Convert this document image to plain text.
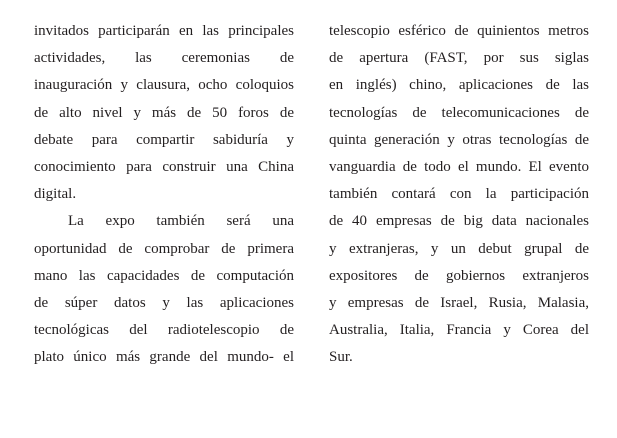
invitados participarán en las principales
actividades, las ceremonias de
inauguración y clausura, ocho coloquios
de alto nivel y más de 50 foros de
debate para compartir sabiduría y
conocimiento para construir una China
digital.
La expo también será una
oportunidad de comprobar de primera
mano las capacidades de computación
de súper datos y las aplicaciones
tecnológicas del radiotelescopio de
plato único más grande del mundo- el
telescopio esférico de quinientos metros
de apertura (FAST, por sus siglas
en inglés) chino, aplicaciones de las
tecnologías de telecomunicaciones de
quinta generación y otras tecnologías de
vanguardia de todo el mundo. El evento
también contará con la participación
de 40 empresas de big data nacionales
y extranjeras, y un debut grupal de
expositores de gobiernos extranjeros
y empresas de Israel, Rusia, Malasia,
Australia, Italia, Francia y Corea del
Sur.
